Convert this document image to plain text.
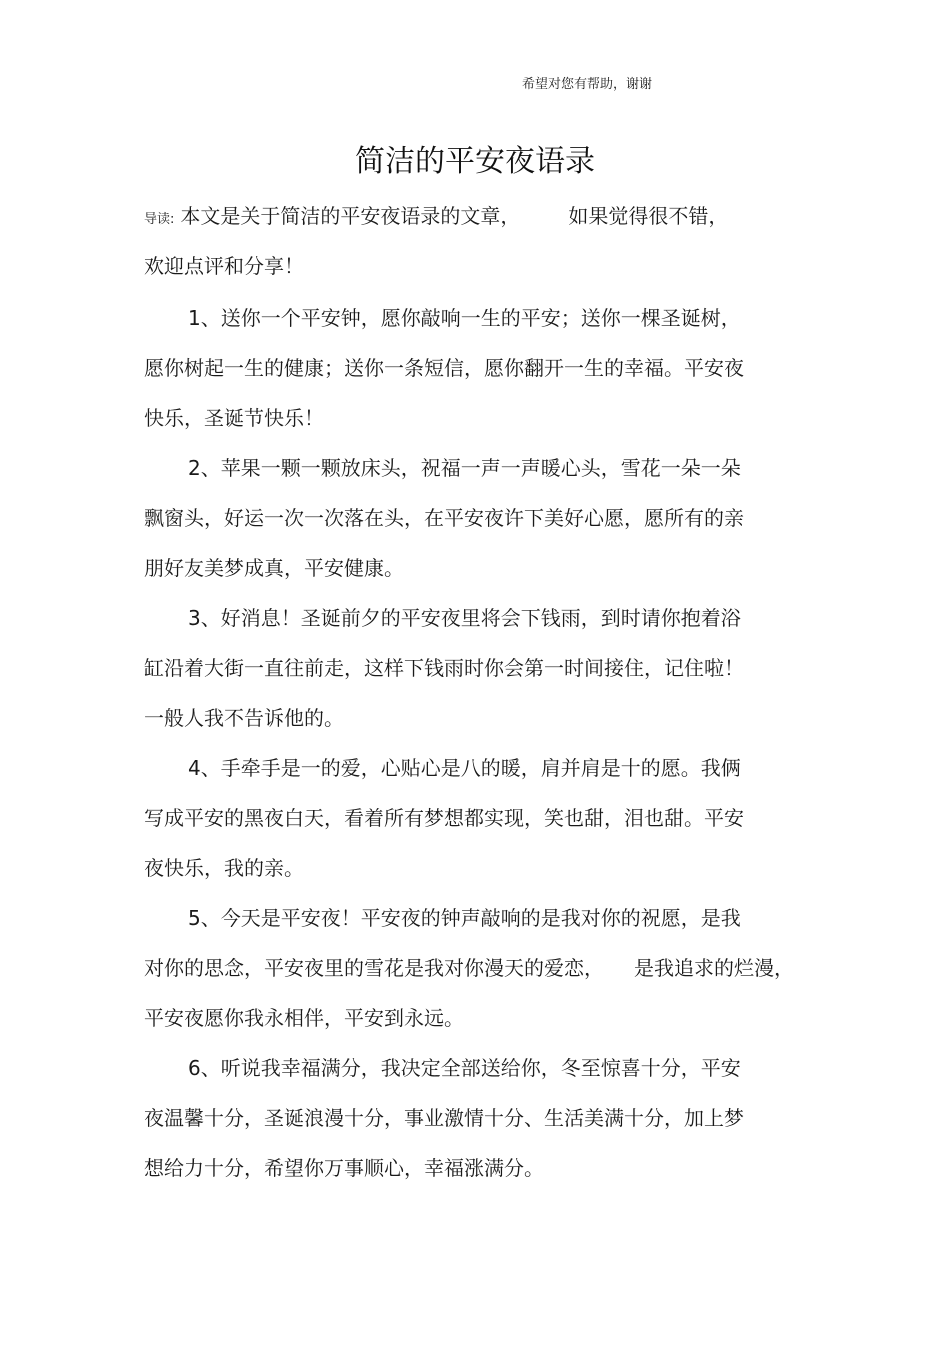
希望对您有帮助，谢谢
简洁的平安夜语录
导读: 本文是关于简洁的平安夜语录的文章， 如果觉得很不错，
欢迎点评和分享！
1、送你一个平安钟，愿你敲响一生的平安；送你一棵圣诞树，
愿你树起一生的健康；送你一条短信，愿你翻开一生的幸福。平安夜
快乐，圣诞节快乐！
2、苹果一颗一颗放床头，祝福一声一声暖心头，雪花一朵一朵
飘窗头，好运一次一次落在头，在平安夜许下美好心愿，愿所有的亲
朋好友美梦成真，平安健康。
3、好消息！圣诞前夕的平安夜里将会下钱雨，到时请你抱着浴
缸沿着大街一直往前走，这样下钱雨时你会第一时间接住，记住啦！
一般人我不告诉他的。
4、手牵手是一的爱，心贴心是八的暖，肩并肩是十的愿。我俩
写成平安的黑夜白天，看着所有梦想都实现，笑也甜，泪也甜。平安
夜快乐，我的亲。
5、今天是平安夜！平安夜的钟声敲响的是我对你的祝愿，是我
对你的思念，平安夜里的雪花是我对你漫天的爱恋， 是我追求的烂漫，
平安夜愿你我永相伴，平安到永远。
6、听说我幸福满分，我决定全部送给你，冬至惊喜十分，平安
夜温馨十分，圣诞浪漫十分，事业激情十分、生活美满十分，加上梦
想给力十分，希望你万事顺心，幸福涨满分。
